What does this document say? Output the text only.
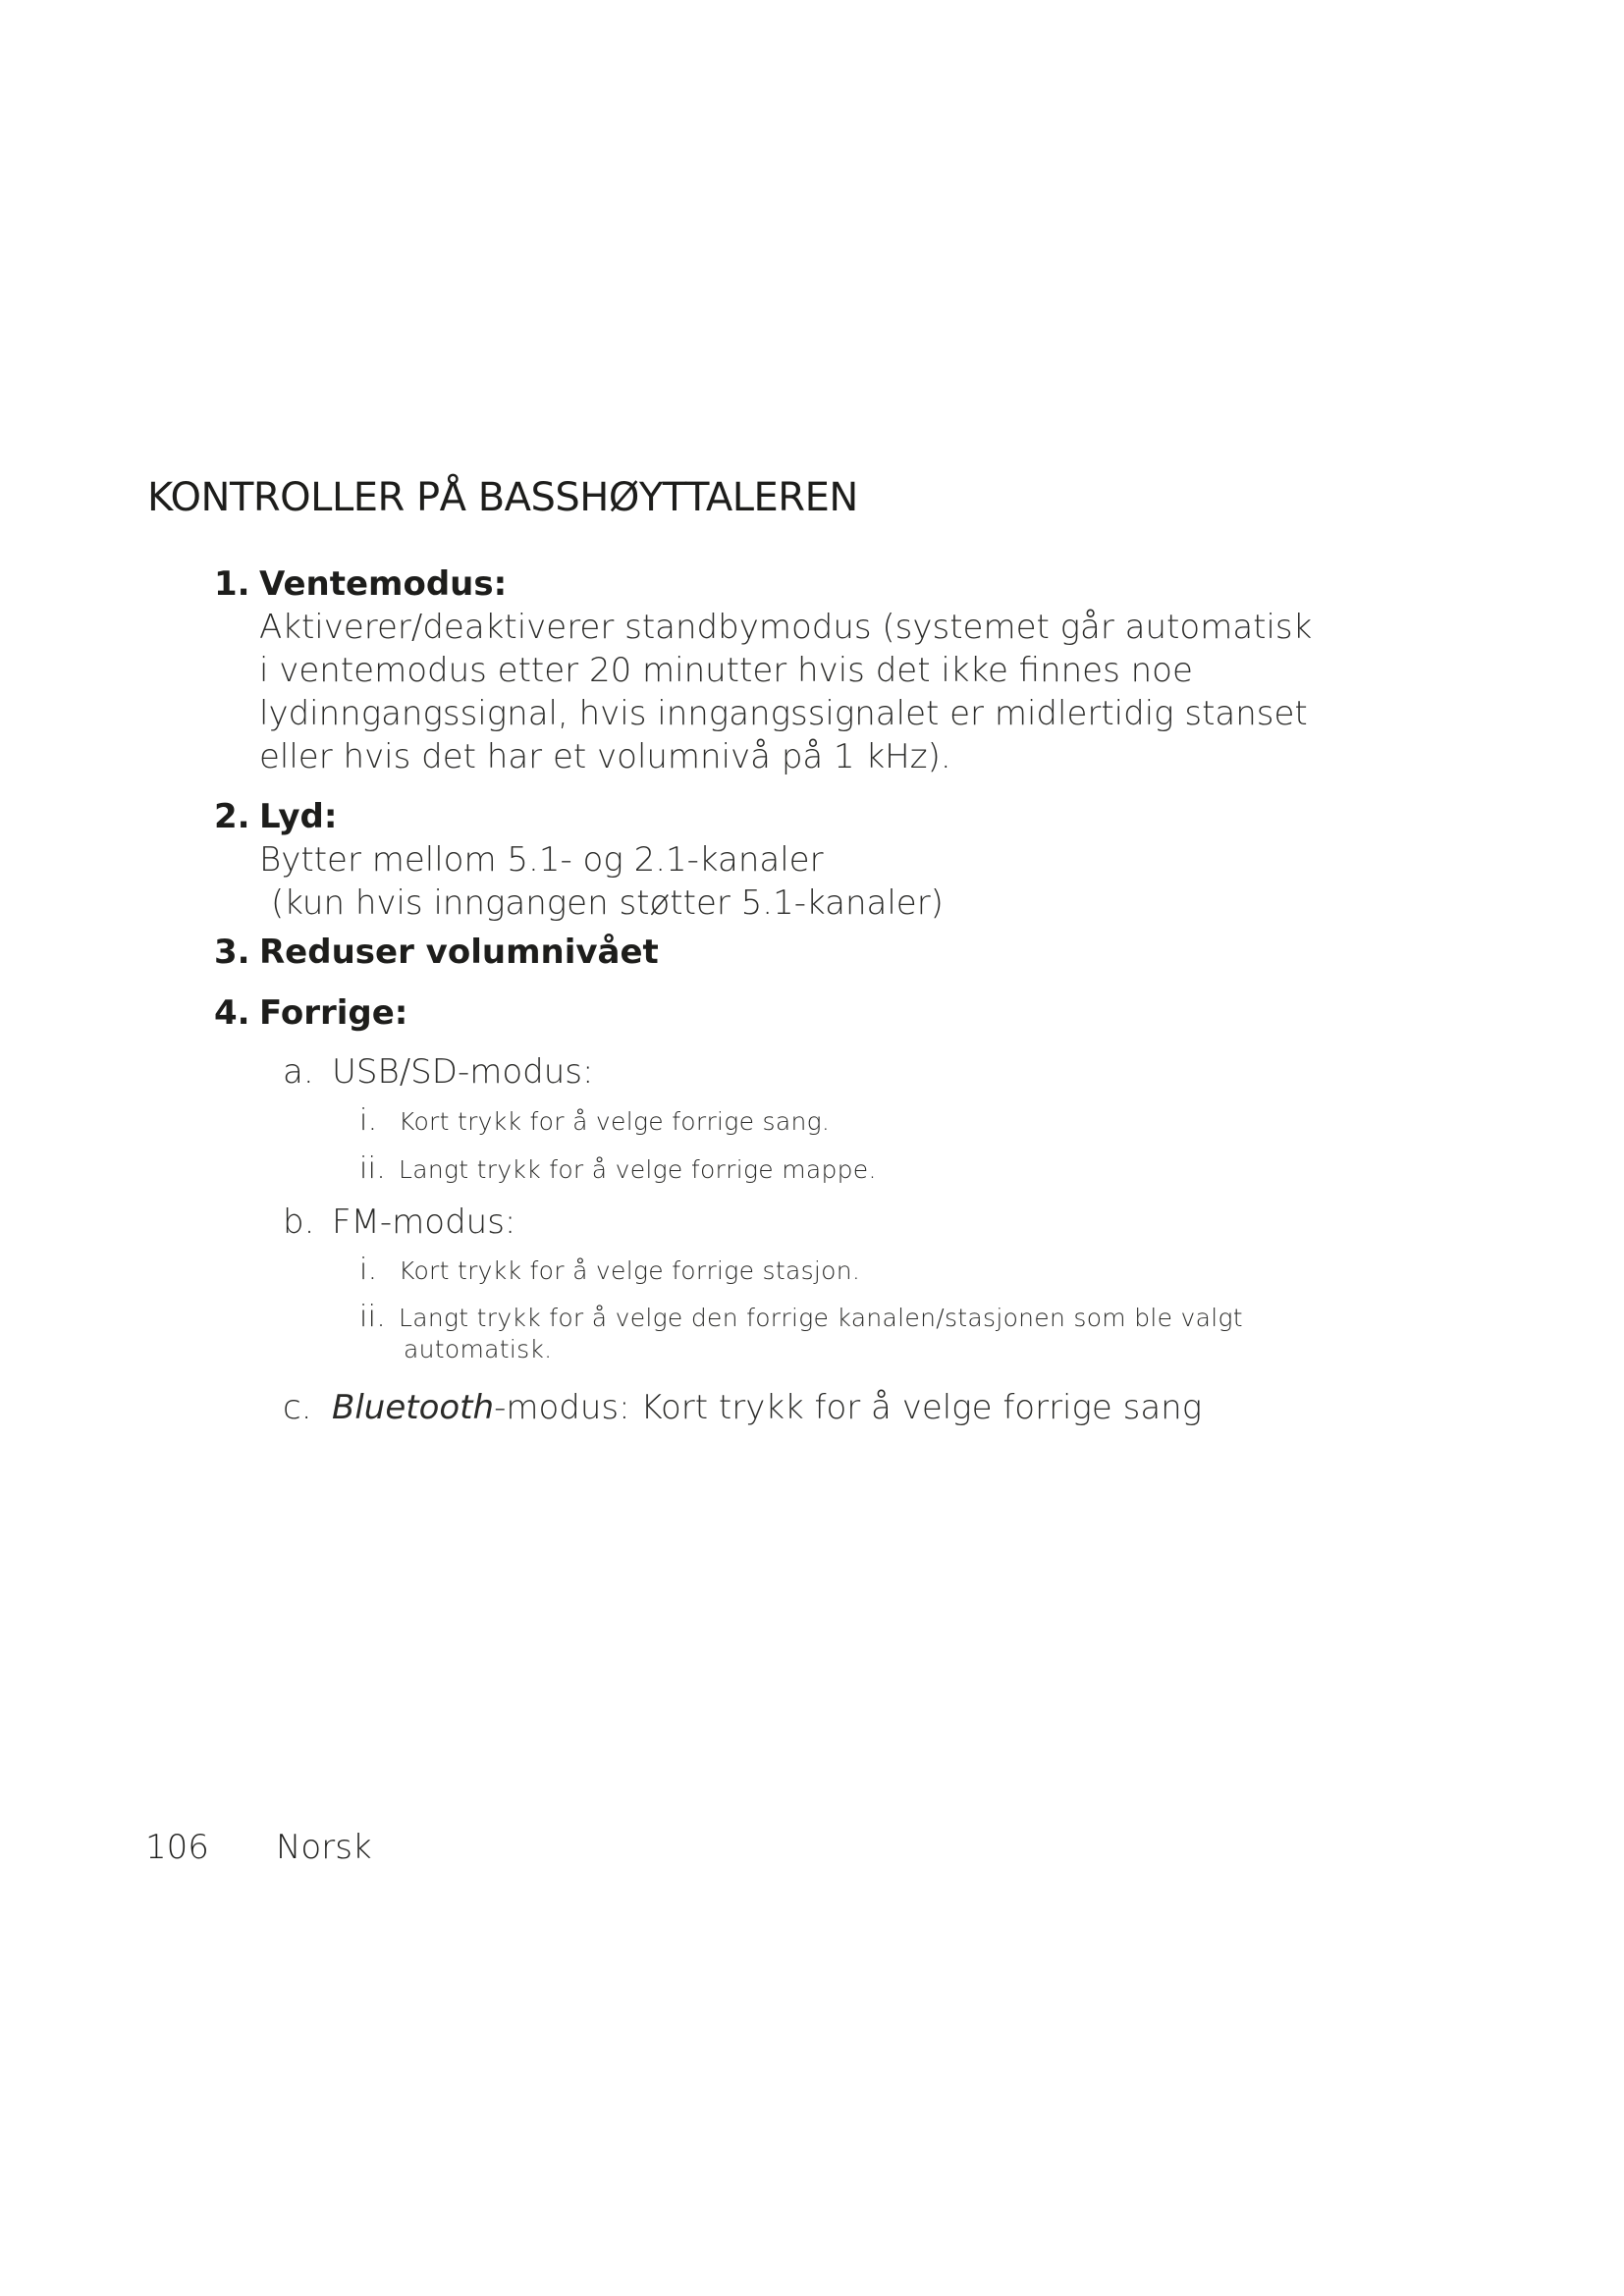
KONTROLLER PÅ BASSHØYTTALEREN
1. Ventemodus:
Aktiverer/deaktiverer standbymodus (systemet går automatisk
i ventemodus etter 20 minutter hvis det ikke finnes noe
lydinngangssignal, hvis inngangssignalet er midlertidig stanset
eller hvis det har et volumnivå på 1 kHz).
2. Lyd:
Bytter mellom 5.1- og 2.1-kanaler
(kun hvis inngangen støtter 5.1-kanaler)
3. Reduser volumnivået
4. Forrige:
a. USB/SD-modus:
i. Kort trykk for å velge forrige sang.
ii. Langt trykk for å velge forrige mappe.
b. FM-modus:
i. Kort trykk for å velge forrige stasjon.
ii. Langt trykk for å velge den forrige kanalen/stasjonen som ble valgt
automatisk.
c. Bluetooth-modus: Kort trykk for å velge forrige sang
106 Norsk
